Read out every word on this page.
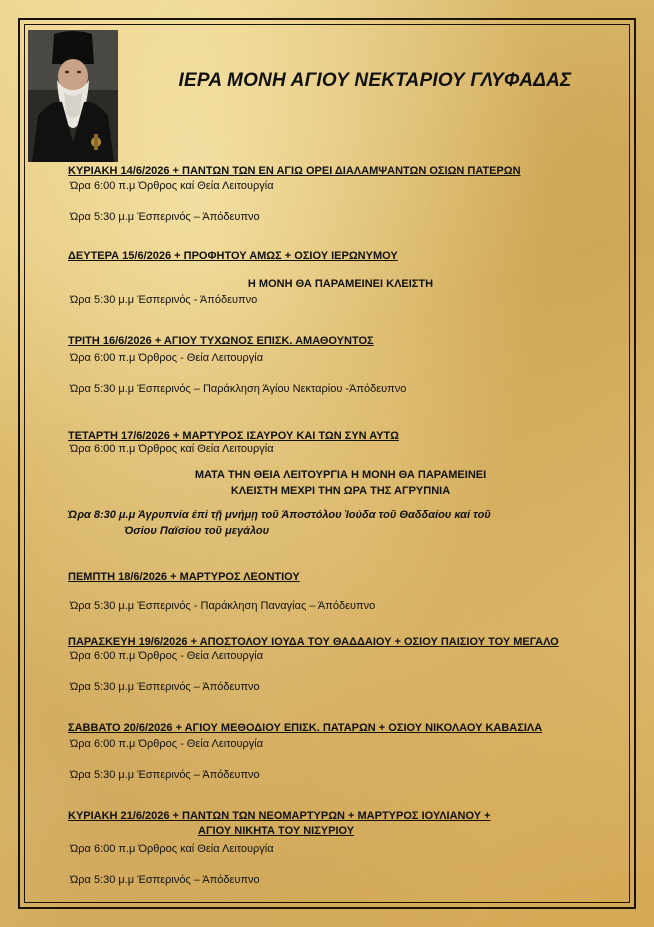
ΙΕΡΑ ΜΟΝΗ ΑΓΙΟΥ ΝΕΚΤΑΡΙΟΥ ΓΛΥΦΑΔΑΣ
ΚΥΡΙΑΚΗ 14/6/2026 + ΠΑΝΤΩΝ ΤΩΝ ΕΝ ΑΓΙΩ ΟΡΕΙ ΔΙΑΛΑΜΨΑΝΤΩΝ ΟΣΙΩΝ ΠΑΤΕΡΩΝ
Ώρα 6:00 π.μ Όρθρος καί Θεία Λειτουργία
Ώρα 5:30 μ.μ Έσπερινός – Άπόδευπνο
ΔΕΥΤΕΡΑ 15/6/2026 + ΠΡΟΦΗΤΟΥ ΑΜΩΣ + ΟΣΙΟΥ ΙΕΡΩΝΥΜΟΥ
Η ΜΟΝΗ ΘΑ ΠΑΡΑΜΕΙΝΕΙ ΚΛΕΙΣΤΗ
Ώρα 5:30 μ.μ Έσπερινός - Άπόδευπνο
ΤΡΙΤΗ 16/6/2026 + ΑΓΙΟΥ ΤΥΧΩΝΟΣ ΕΠΙΣΚ. ΑΜΑΘΟΥΝΤΟΣ
Ώρα 6:00 π.μ Όρθρος - Θεία Λειτουργία
Ώρα 5:30 μ.μ Έσπερινός – Παράκληση Άγίου Νεκταρίου -Άπόδευπνο
ΤΕΤΑΡΤΗ 17/6/2026 + ΜΑΡΤΥΡΟΣ ΙΣΑΥΡΟΥ ΚΑΙ ΤΩΝ ΣΥΝ ΑΥΤΩ
Ώρα 6:00 π.μ Όρθρος καί Θεία Λειτουργία
ΜΑΤΑ ΤΗΝ ΘΕΙΑ ΛΕΙΤΟΥΡΓΙΑ Η ΜΟΝΗ ΘΑ ΠΑΡΑΜΕΙΝΕΙ
ΚΛΕΙΣΤΗ ΜΕΧΡΙ ΤΗΝ ΩΡΑ ΤΗΣ ΑΓΡΥΠΝΙΑ
Ώρα 8:30 μ.μ Άγρυπνία έπί τῇ μνήμῃ τοῦ Άποστόλου Ἰούδα τοῦ Θαδδαίου καί τοῦ
Όσίου Παϊσίου τοῦ μεγάλου
ΠΕΜΠΤΗ 18/6/2026 + ΜΑΡΤΥΡΟΣ ΛΕΟΝΤΙΟΥ
Ώρα 5:30 μ.μ Έσπερινός - Παράκληση Παναγίας – Άπόδευπνο
ΠΑΡΑΣΚΕΥΗ 19/6/2026 + ΑΠΟΣΤΟΛΟΥ ΙΟΥΔΑ ΤΟΥ ΘΑΔΔΑΙΟΥ + ΟΣΙΟΥ ΠΑΙΣΙΟΥ ΤΟΥ ΜΕΓΑΛΟ
Ώρα 6:00 π.μ Όρθρος - Θεία Λειτουργία
Ώρα 5:30 μ.μ Έσπερινός – Άπόδευπνο
ΣΑΒΒΑΤΟ 20/6/2026 + ΑΓΙΟΥ ΜΕΘΟΔΙΟΥ ΕΠΙΣΚ. ΠΑΤΑΡΩΝ + ΟΣΙΟΥ ΝΙΚΟΛΑΟΥ ΚΑΒΑΣΙΛΑ
Ώρα 6:00 π.μ Όρθρος - Θεία Λειτουργία
Ώρα 5:30 μ.μ Έσπερινός – Άπόδευπνο
ΚΥΡΙΑΚΗ 21/6/2026 + ΠΑΝΤΩΝ ΤΩΝ ΝΕΟΜΑΡΤΥΡΩΝ + ΜΑΡΤΥΡΟΣ ΙΟΥΛΙΑΝΟΥ +
ΑΓΙΟΥ ΝΙΚΗΤΑ ΤΟΥ ΝΙΣΥΡΙΟΥ
Ώρα 6:00 π.μ Όρθρος καί Θεία Λειτουργία
Ώρα 5:30 μ.μ Έσπερινός – Άπόδευπνο
